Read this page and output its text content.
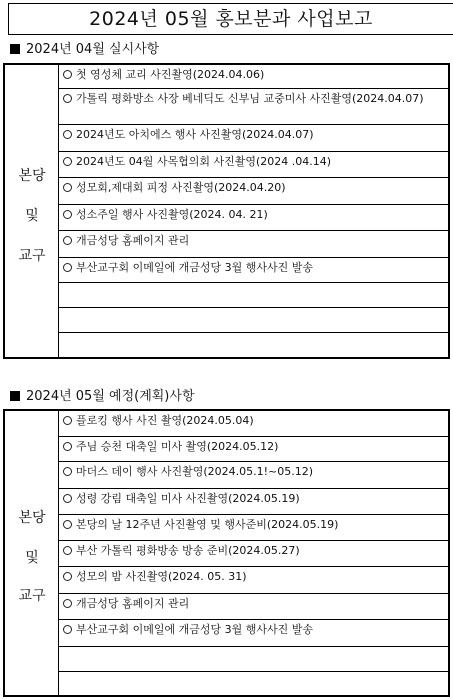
2024년 05월 홍보분과 사업보고
2024년 04월 실시사항
본당
및
교구
첫 영성체 교리 사진촬영(2024.04.06)
가톨릭 평화방소 사장 베네딕도 신부님 교중미사 사진촬영(2024.04.07)
2024년도 아치에스 행사 사진촬영(2024.04.07)
2024년도 04월 사목협의회 사진촬영(2024 .04.14)
성모회,제대회 피정 사진촬영(2024.04.20)
성소주일 행사 사진촬영(2024. 04. 21)
개금성당 홈페이지 관리
부산교구회 이메일에 개금성당 3월 행사사진 발송
2024년 05월 예정(계획)사항
본당
및
교구
플로킹 행사 사진 촬영(2024.05.04)
주님 승천 대축일 미사 촬영(2024.05.12)
마더스 데이 행사 사진촬영(2024.05.1!~05.12)
성령 강림 대축일 미사 사진촬영(2024.05.19)
본당의 날 12주년 사진촬영 및 행사준비(2024.05.19)
부산 가톨릭 평화방송 방송 준비(2024.05.27)
성모의 밤 사진촬영(2024. 05. 31)
개금성당 홈페이지 관리
부산교구회 이메일에 개금성당 3월 행사사진 발송
